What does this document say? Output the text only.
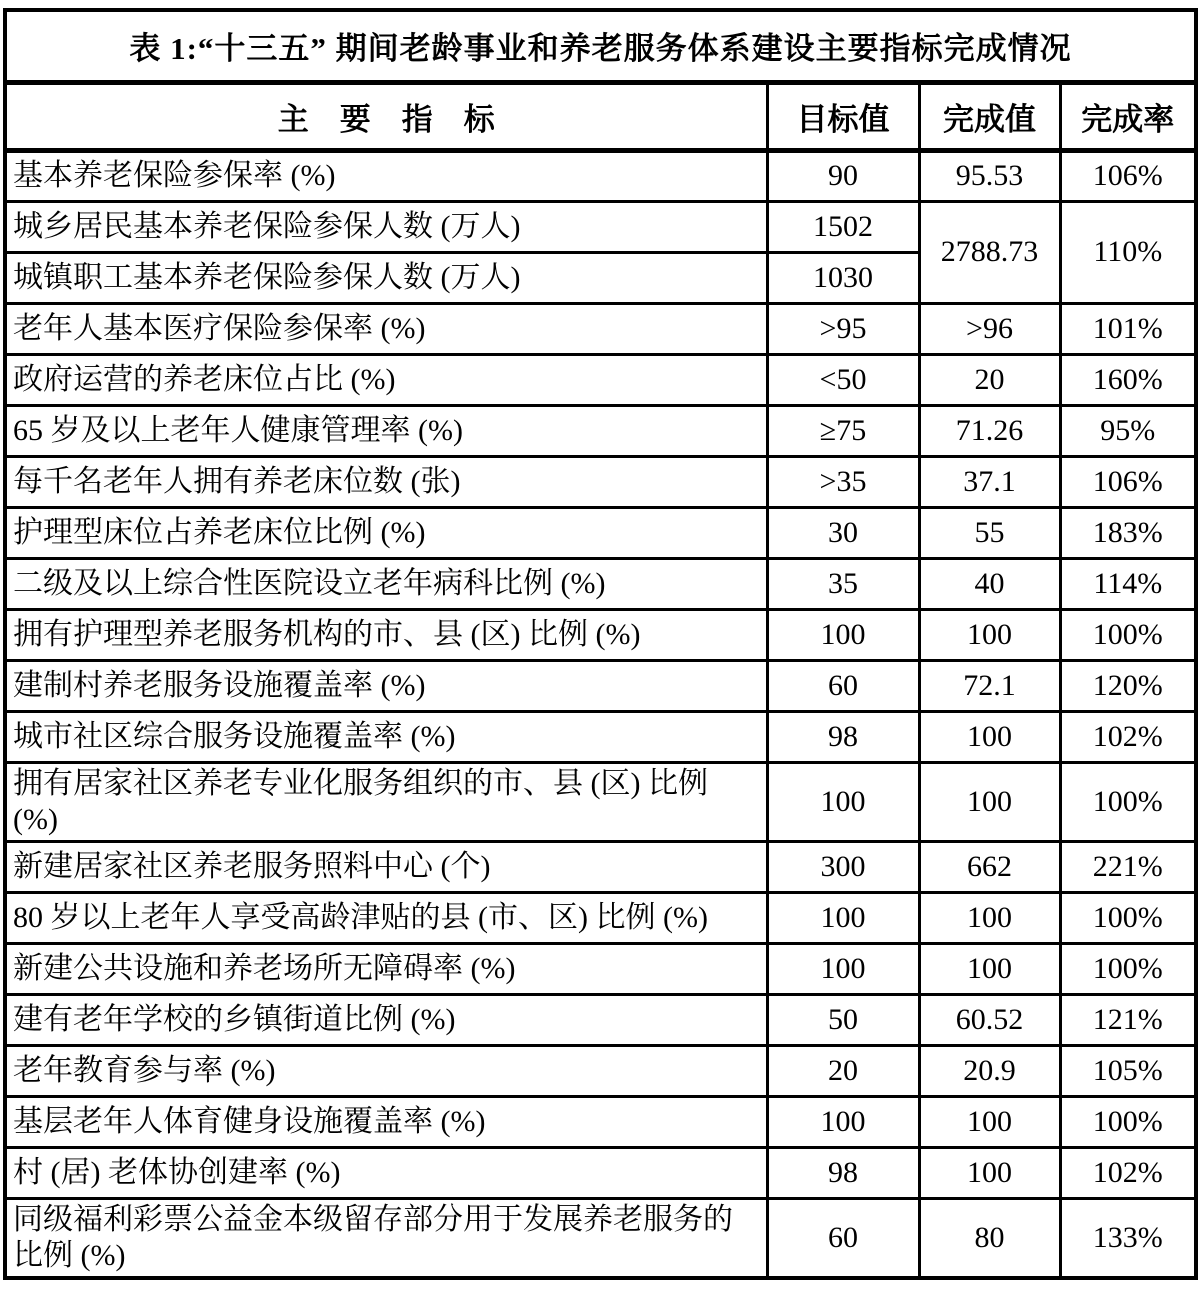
表 1:“十三五” 期间老龄事业和养老服务体系建设主要指标完成情况			
主　要　指　标	目标值	完成值	完成率
基本养老保险参保率 (%)	90	95.53	106%
城乡居民基本养老保险参保人数 (万人)	1502	2788.73	110%
城镇职工基本养老保险参保人数 (万人)	1030		
老年人基本医疗保险参保率 (%)	>95	>96	101%
政府运营的养老床位占比 (%)	<50	20	160%
65 岁及以上老年人健康管理率 (%)	≥75	71.26	95%
每千名老年人拥有养老床位数 (张)	>35	37.1	106%
护理型床位占养老床位比例 (%)	30	55	183%
二级及以上综合性医院设立老年病科比例 (%)	35	40	114%
拥有护理型养老服务机构的市、县 (区) 比例 (%)	100	100	100%
建制村养老服务设施覆盖率 (%)	60	72.1	120%
城市社区综合服务设施覆盖率 (%)	98	100	102%
拥有居家社区养老专业化服务组织的市、县 (区) 比例 (%)	100	100	100%
新建居家社区养老服务照料中心 (个)	300	662	221%
80 岁以上老年人享受高龄津贴的县 (市、区) 比例 (%)	100	100	100%
新建公共设施和养老场所无障碍率 (%)	100	100	100%
建有老年学校的乡镇街道比例 (%)	50	60.52	121%
老年教育参与率 (%)	20	20.9	105%
基层老年人体育健身设施覆盖率 (%)	100	100	100%
村 (居) 老体协创建率 (%)	98	100	102%
同级福利彩票公益金本级留存部分用于发展养老服务的比例 (%)	60	80	133%
